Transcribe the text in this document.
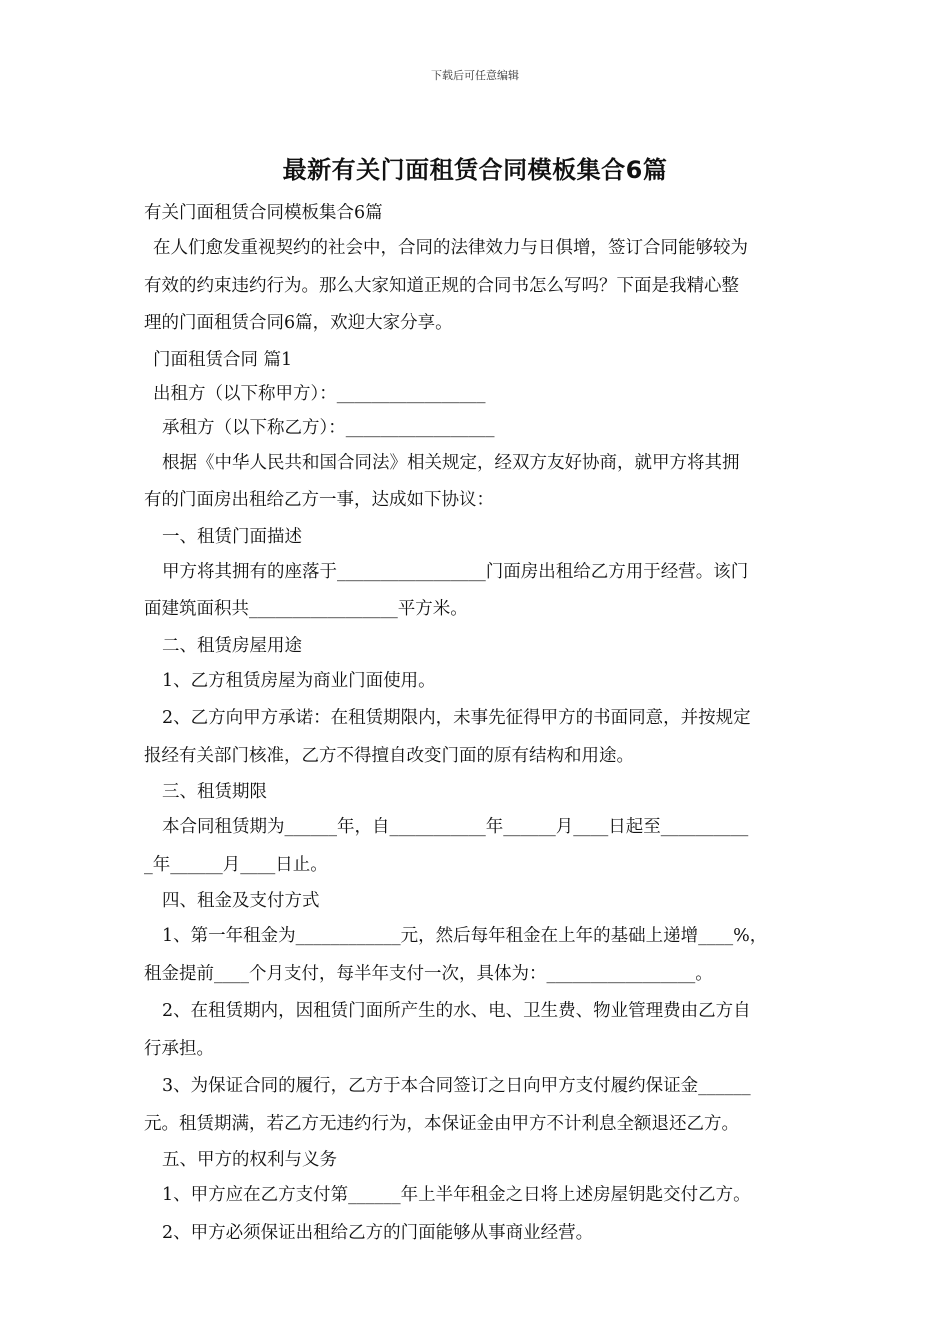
下载后可任意编辑
最新有关门面租赁合同模板集合6篇
有关门面租赁合同模板集合6篇
在人们愈发重视契约的社会中，合同的法律效力与日俱增，签订合同能够较为
有效的约束违约行为。那么大家知道正规的合同书怎么写吗？下面是我精心整
理的门面租赁合同6篇，欢迎大家分享。
门面租赁合同 篇1
出租方（以下称甲方）：_________________
承租方（以下称乙方）：_________________
根据《中华人民共和国合同法》相关规定，经双方友好协商，就甲方将其拥
有的门面房出租给乙方一事，达成如下协议：
一、租赁门面描述
甲方将其拥有的座落于_________________门面房出租给乙方用于经营。该门
面建筑面积共_________________平方米。
二、租赁房屋用途
1、乙方租赁房屋为商业门面使用。
2、乙方向甲方承诺：在租赁期限内，未事先征得甲方的书面同意，并按规定
报经有关部门核准，乙方不得擅自改变门面的原有结构和用途。
三、租赁期限
本合同租赁期为______年，自___________年______月____日起至__________
_年______月____日止。
四、租金及支付方式
1、第一年租金为____________元，然后每年租金在上年的基础上递增____%，
租金提前____个月支付，每半年支付一次，具体为：_________________。
2、在租赁期内，因租赁门面所产生的水、电、卫生费、物业管理费由乙方自
行承担。
3、为保证合同的履行，乙方于本合同签订之日向甲方支付履约保证金______
元。租赁期满，若乙方无违约行为，本保证金由甲方不计利息全额退还乙方。
五、甲方的权利与义务
1、甲方应在乙方支付第______年上半年租金之日将上述房屋钥匙交付乙方。
2、甲方必须保证出租给乙方的门面能够从事商业经营。
